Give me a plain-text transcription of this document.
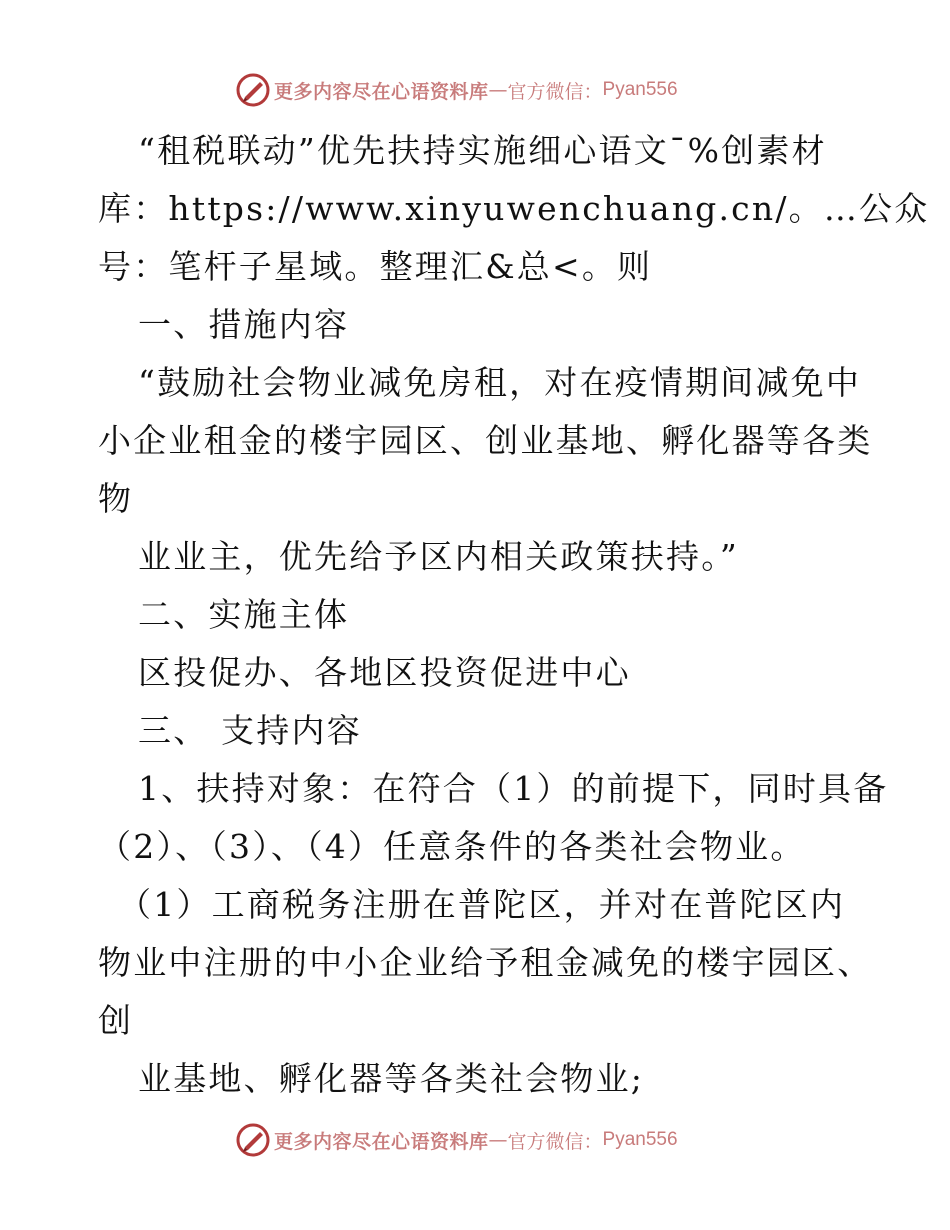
更多内容尽在心语资料库 — 官方微信： Pyan556
“租税联动”优先扶持实施细心语文¯%创素材
库：https://www.xinyuwenchuang.cn/。…公众
号：笔杆子星域。整理汇&总<。则
一、措施内容
“鼓励社会物业减免房租，对在疫情期间减免中
小企业租金的楼宇园区、创业基地、孵化器等各类
物
业业主，优先给予区内相关政策扶持。”
二、实施主体
区投促办、各地区投资促进中心
三、 支持内容
1、扶持对象：在符合（1）的前提下，同时具备
（2）、（3）、（4）任意条件的各类社会物业。
（1）工商税务注册在普陀区，并对在普陀区内
物业中注册的中小企业给予租金减免的楼宇园区、
创
业基地、孵化器等各类社会物业;
更多内容尽在心语资料库 — 官方微信： Pyan556
